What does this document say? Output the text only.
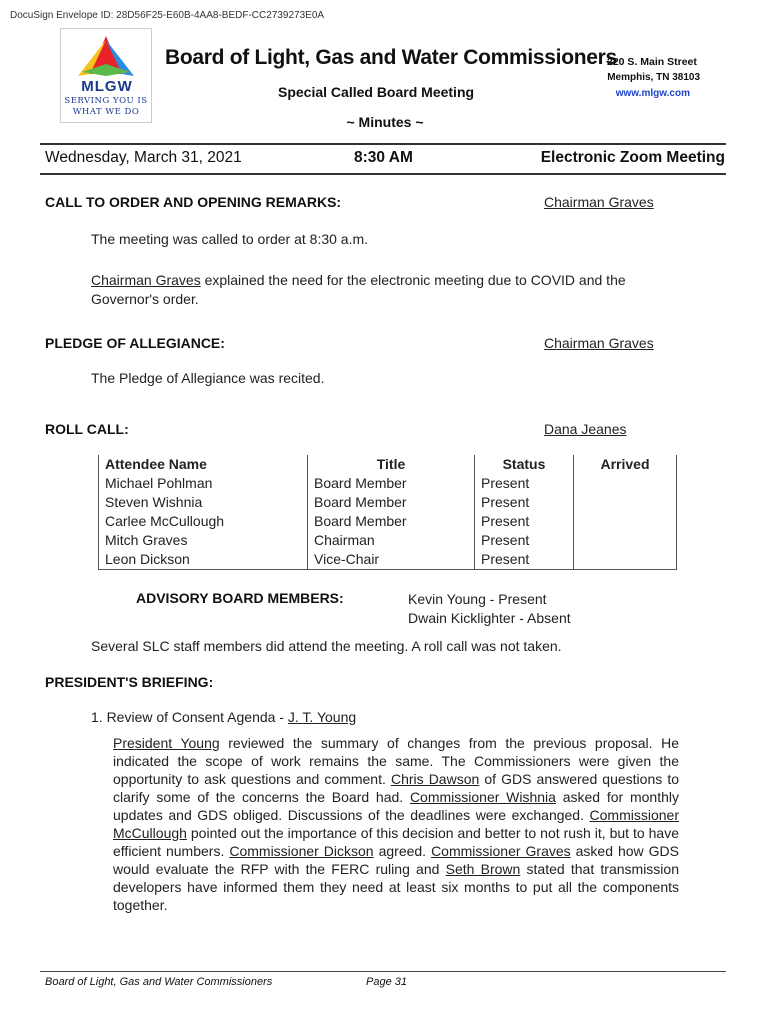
DocuSign Envelope ID: 28D56F25-E60B-4AA8-BEDF-CC2739273E0A
MLGW
SERVING YOU IS WHAT WE DO
Board of Light, Gas and Water Commissioners
220 S. Main Street
Memphis, TN 38103
www.mlgw.com
Special Called Board Meeting
~ Minutes ~
Wednesday, March 31, 2021	8:30 AM	Electronic Zoom Meeting
CALL TO ORDER AND OPENING REMARKS:	Chairman Graves
The meeting was called to order at 8:30 a.m.
Chairman Graves explained the need for the electronic meeting due to COVID and the Governor's order.
PLEDGE OF ALLEGIANCE:	Chairman Graves
The Pledge of Allegiance was recited.
ROLL CALL:	Dana Jeanes
Attendee Name	Title	Status	Arrived
Michael Pohlman	Board Member	Present	
Steven Wishnia	Board Member	Present	
Carlee McCullough	Board Member	Present	
Mitch Graves	Chairman	Present	
Leon Dickson	Vice-Chair	Present	
ADVISORY BOARD MEMBERS:	Kevin Young - Present
Dwain Kicklighter - Absent
Several SLC staff members did attend the meeting. A roll call was not taken.
PRESIDENT'S BRIEFING:
1. Review of Consent Agenda - J. T. Young
President Young reviewed the summary of changes from the previous proposal. He indicated the scope of work remains the same. The Commissioners were given the opportunity to ask questions and comment. Chris Dawson of GDS answered questions to clarify some of the concerns the Board had. Commissioner Wishnia asked for monthly updates and GDS obliged. Discussions of the deadlines were exchanged. Commissioner McCullough pointed out the importance of this decision and better to not rush it, but to have efficient numbers. Commissioner Dickson agreed. Commissioner Graves asked how GDS would evaluate the RFP with the FERC ruling and Seth Brown stated that transmission developers have informed them they need at least six months to put all the components together.
Board of Light, Gas and Water Commissioners	Page 31
